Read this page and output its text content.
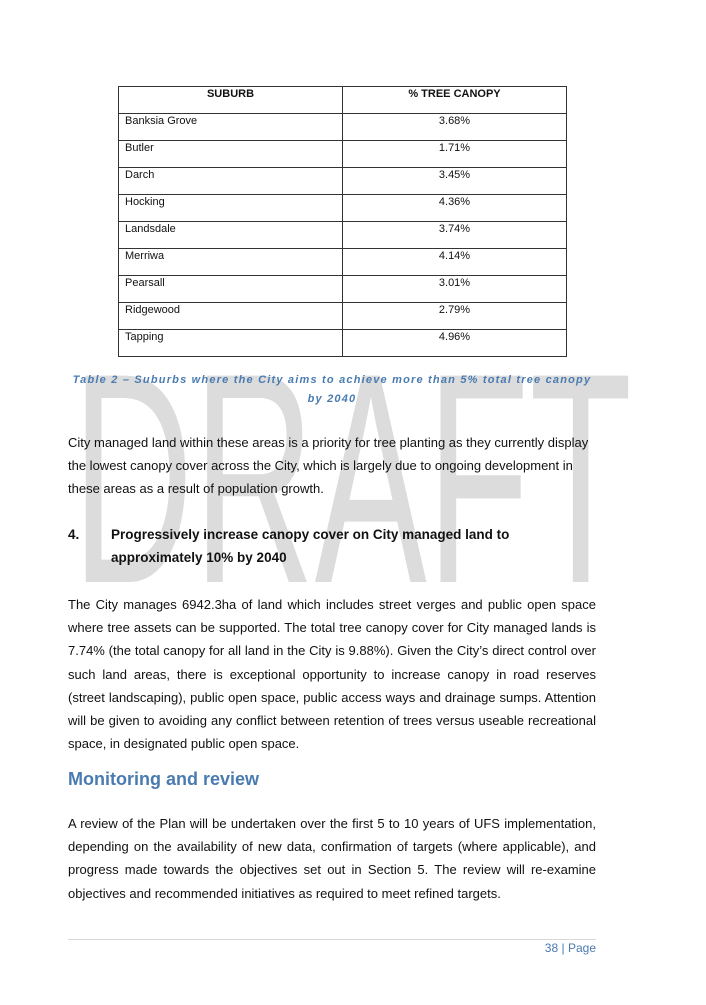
DRAFT
SUBURB	% TREE CANOPY
Banksia Grove	3.68%
Butler	1.71%
Darch	3.45%
Hocking	4.36%
Landsdale	3.74%
Merriwa	4.14%
Pearsall	3.01%
Ridgewood	2.79%
Tapping	4.96%
Table 2 – Suburbs where the City aims to achieve more than 5% total tree canopy by 2040

City managed land within these areas is a priority for tree planting as they currently display the lowest canopy cover across the City, which is largely due to ongoing development in these areas as a result of population growth.

4.	Progressively increase canopy cover on City managed land to approximately 10% by 2040

The City manages 6942.3ha of land which includes street verges and public open space where tree assets can be supported. The total tree canopy cover for City managed lands is 7.74% (the total canopy for all land in the City is 9.88%). Given the City’s direct control over such land areas, there is exceptional opportunity to increase canopy in road reserves (street landscaping), public open space, public access ways and drainage sumps. Attention will be given to avoiding any conflict between retention of trees versus useable recreational space, in designated public open space.

Monitoring and review

A review of the Plan will be undertaken over the first 5 to 10 years of UFS implementation, depending on the availability of new data, confirmation of targets (where applicable), and progress made towards the objectives set out in Section 5. The review will re-examine objectives and recommended initiatives as required to meet refined targets.

38 | Page
